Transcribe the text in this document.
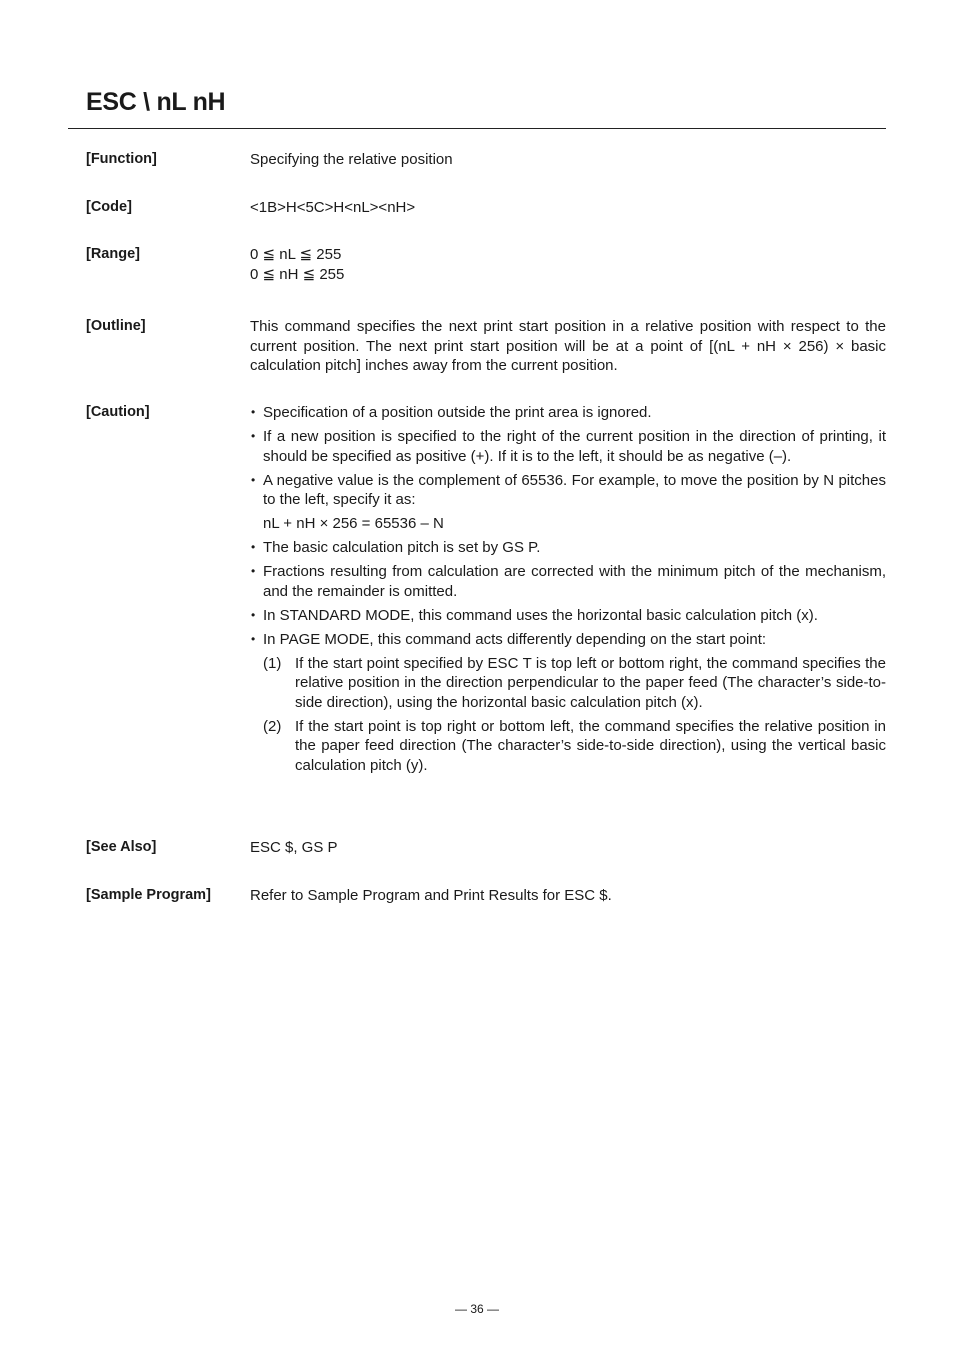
ESC \ nL nH
[Function]	Specifying the relative position
[Code]	<1B>H<5C>H<nL><nH>
[Range]	0 ≦ nL ≦ 255

0 ≦ nH ≦ 255

[Outline]	This command specifies the next print start position in a relative position with respect to the current position. The next print start position will be at a point of [(nL + nH × 256) × basic calculation pitch] inches away from the current position.
[Caution]	• Specification of a position outside the print area is ignored.
• If a new position is specified to the right of the current position in the direction of printing, it should be specified as positive (+). If it is to the left, it should be as negative (–).
• A negative value is the complement of 65536. For example, to move the position by N pitches to the left, specify it as:
nL + nH × 256 = 65536 – N
• The basic calculation pitch is set by GS P.
• Fractions resulting from calculation are corrected with the minimum pitch of the mechanism, and the remainder is omitted.
• In STANDARD MODE, this command uses the horizontal basic calculation pitch (x).
• In PAGE MODE, this command acts differently depending on the start point:
(1) If the start point specified by ESC T is top left or bottom right, the command specifies the relative position in the direction perpendicular to the paper feed (The character’s side-to-side direction), using the horizontal basic calculation pitch (x).
(2) If the start point is top right or bottom left, the command specifies the relative position in the paper feed direction (The character’s side-to-side direction), using the vertical basic calculation pitch (y).
[See Also]	ESC $, GS P
[Sample Program]	Refer to Sample Program and Print Results for ESC $.
— 36 —
